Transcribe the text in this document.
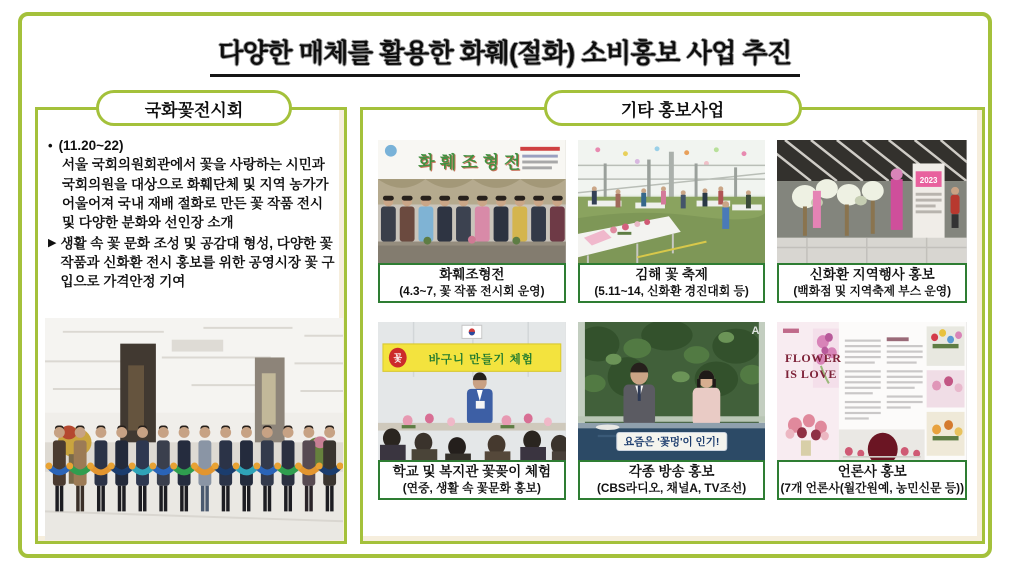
다양한 매체를 활용한 화훼(절화) 소비홍보 사업 추진
국화꽃전시회
• (11.20~22)
서울 국회의원회관에서 꽃을 사랑하는 시민과 국회의원을 대상으로 화훼단체 및 지역 농가가 어울어져 국내 재배 절화로 만든 꽃 작품 전시 및 다양한 분화와 선인장 소개
▶ 생활 속 꽃 문화 조성 및 공감대 형성, 다양한 꽃 작품과 신화환 전시 홍보를 위한 공영시장 꽃 구입으로 가격안정 기여
기타 홍보사업
화훼조형전
화훼조형전
(4.3~7, 꽃 작품 전시회 운영)
김해 꽃 축제
(5.11~14, 신화환 경진대회 등)
2023
신화환 지역행사 홍보
(백화점 및 지역축제 부스 운영)
꽃	바구니 만들기 체험
학교 및 복지관 꽃꽂이 체험
(연중, 생활 속 꽃문화 홍보)
A
요즘은 '꽃멍'이 인기!
각종 방송 홍보
(CBS라디오, 채널A, TV조선)
FLOWER IS LOVE
언론사 홍보
(7개 언론사(월간원예, 농민신문 등))
